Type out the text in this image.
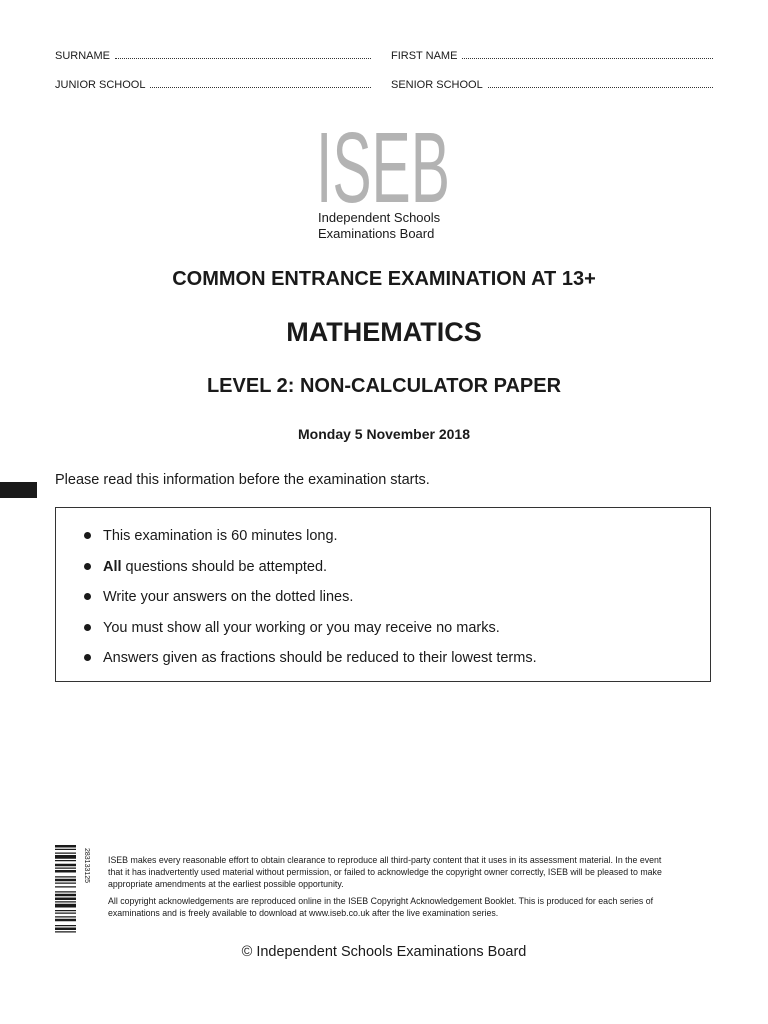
SURNAME	FIRST NAME
JUNIOR SCHOOL	SENIOR SCHOOL
ISEB
Independent Schools
Examinations Board
COMMON ENTRANCE EXAMINATION AT 13+
MATHEMATICS
LEVEL 2: NON-CALCULATOR PAPER
Monday 5 November 2018
Please read this information before the examination starts.
This examination is 60 minutes long.
All questions should be attempted.
Write your answers on the dotted lines.
You must show all your working or you may receive no marks.
Answers given as fractions should be reduced to their lowest terms.
283133125 ISEB makes every reasonable effort to obtain clearance to reproduce all third-party content that it uses in its assessment material. In the event that it has inadvertently used material without permission, or failed to acknowledge the copyright owner correctly, ISEB will be pleased to make appropriate amendments at the earliest possible opportunity.
All copyright acknowledgements are reproduced online in the ISEB Copyright Acknowledgement Booklet. This is produced for each series of examinations and is freely available to download at www.iseb.co.uk after the live examination series.
© Independent Schools Examinations Board
